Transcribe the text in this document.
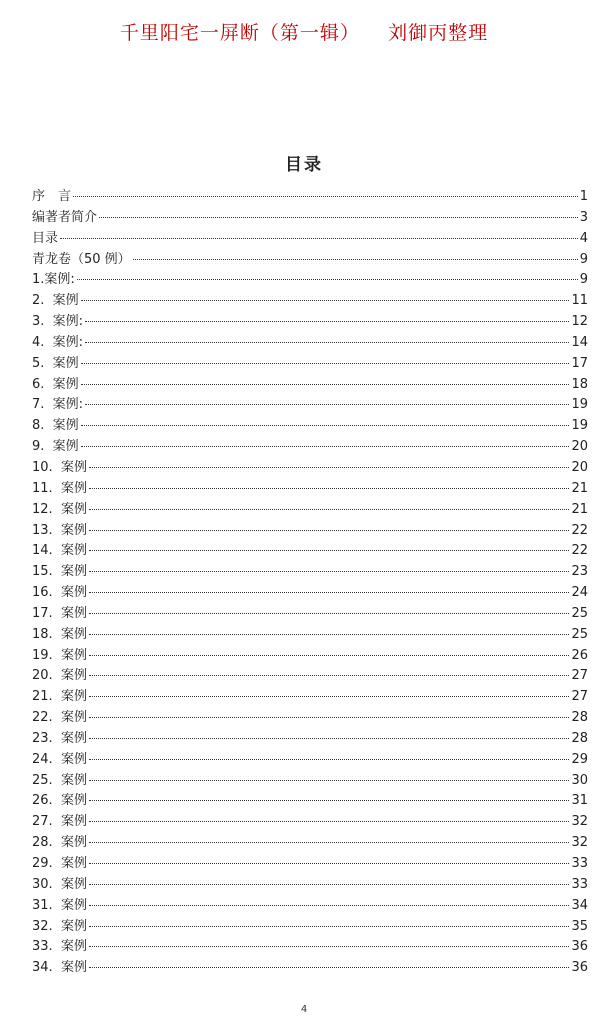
千里阳宅一屏断（第一辑）    刘御丙整理
目录
序　言	1
编著者简介	3
目录	4
青龙卷（50 例）	9
1.案例:	9
2.  案例	11
3.  案例:	12
4.  案例:	14
5.  案例	17
6.  案例	18
7.  案例:	19
8.  案例	19
9.  案例	20
10.  案例	20
11.  案例	21
12.  案例	21
13.  案例	22
14.  案例	22
15.  案例	23
16.  案例	24
17.  案例	25
18.  案例	25
19.  案例	26
20.  案例	27
21.  案例	27
22.  案例	28
23.  案例	28
24.  案例	29
25.  案例	30
26.  案例	31
27.  案例	32
28.  案例	32
29.  案例	33
30.  案例	33
31.  案例	34
32.  案例	35
33.  案例	36
34.  案例	36
4
